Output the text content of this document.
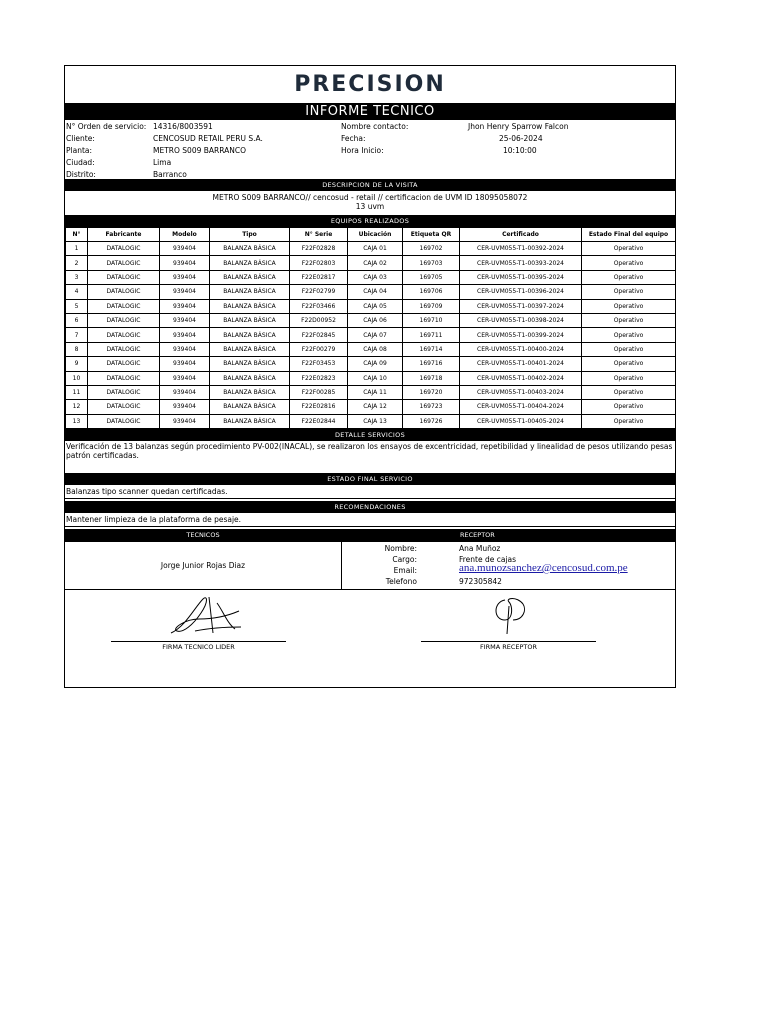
PRECISION
INFORME TECNICO
N° Orden de servicio: 14316/8003591
Cliente:	CENCOSUD RETAIL PERU S.A.
Planta:	METRO S009 BARRANCO
Ciudad:	Lima
Distrito:	Barranco
Nombre contacto:	Jhon Henry Sparrow Falcon
Fecha:	25-06-2024
Hora Inicio:	10:10:00
DESCRIPCION DE LA VISITA
METRO S009 BARRANCO// cencosud - retail // certificacion de UVM ID 18095058072
13 uvm
EQUIPOS REALIZADOS
N°	Fabricante	Modelo	Tipo	N° Serie	Ubicación	Etiqueta QR	Certificado	Estado Final del equipo
1	DATALOGIC	939404	BALANZA BÁSICA	F22F02828	CAJA 01	169702	CER-UVM055-T1-00392-2024	Operativo
2	DATALOGIC	939404	BALANZA BÁSICA	F22F02803	CAJA 02	169703	CER-UVM055-T1-00393-2024	Operativo
3	DATALOGIC	939404	BALANZA BÁSICA	F22E02817	CAJA 03	169705	CER-UVM055-T1-00395-2024	Operativo
4	DATALOGIC	939404	BALANZA BÁSICA	F22F02799	CAJA 04	169706	CER-UVM055-T1-00396-2024	Operativo
5	DATALOGIC	939404	BALANZA BÁSICA	F22F03466	CAJA 05	169709	CER-UVM055-T1-00397-2024	Operativo
6	DATALOGIC	939404	BALANZA BÁSICA	F22D00952	CAJA 06	169710	CER-UVM055-T1-00398-2024	Operativo
7	DATALOGIC	939404	BALANZA BÁSICA	F22F02845	CAJA 07	169711	CER-UVM055-T1-00399-2024	Operativo
8	DATALOGIC	939404	BALANZA BÁSICA	F22F00279	CAJA 08	169714	CER-UVM055-T1-00400-2024	Operativo
9	DATALOGIC	939404	BALANZA BÁSICA	F22F03453	CAJA 09	169716	CER-UVM055-T1-00401-2024	Operativo
10	DATALOGIC	939404	BALANZA BÁSICA	F22E02823	CAJA 10	169718	CER-UVM055-T1-00402-2024	Operativo
11	DATALOGIC	939404	BALANZA BÁSICA	F22F00285	CAJA 11	169720	CER-UVM055-T1-00403-2024	Operativo
12	DATALOGIC	939404	BALANZA BÁSICA	F22E02816	CAJA 12	169723	CER-UVM055-T1-00404-2024	Operativo
13	DATALOGIC	939404	BALANZA BÁSICA	F22E02844	CAJA 13	169726	CER-UVM055-T1-00405-2024	Operativo
DETALLE SERVICIOS
Verificación de 13 balanzas según procedimiento PV-002(INACAL), se realizaron los ensayos de excentricidad, repetibilidad y linealidad de pesos utilizando pesas patrón certificadas.
ESTADO FINAL SERVICIO
Balanzas tipo scanner quedan certificadas.
RECOMENDACIONES
Mantener limpieza de la plataforma de pesaje.
TECNICOS	RECEPTOR
Jorge Junior Rojas Diaz
Nombre:	Ana Muñoz
Cargo:	Frente de cajas
Email:	ana.munozsanchez@cencosud.com.pe
Telefono	972305842
FIRMA TECNICO LIDER	FIRMA RECEPTOR
